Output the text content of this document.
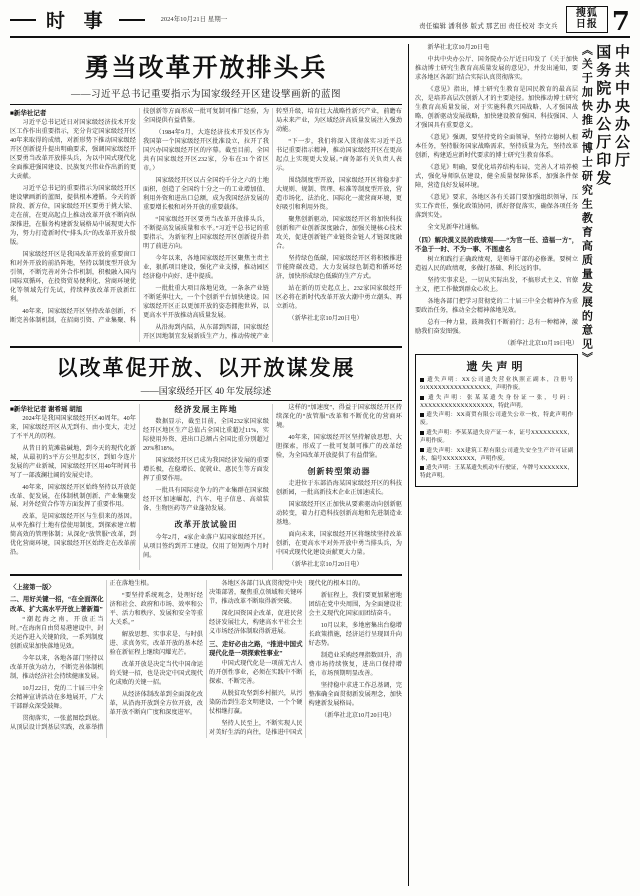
时 事	2024年10月21日 星期一
责任编辑 潘利侈 版式 那艺田 责任校对 李文兵
搜狐
日报 7
勇当改革开放排头兵
——习近平总书记重要指示为国家级经开区建设擘画新的蓝图
■新华社记者

习近平总书记近日对国家级经济技术开发区工作作出重要指示，充分肯定国家级经开区40年来取得的成绩，对新形势下推动国家级经开区创新提升提出明确要求，强调国家级经开区要勇当改革开放排头兵，为以中国式现代化全面推进强国建设、民族复兴伟业作出新的更大贡献。

习近平总书记的重要指示为国家级经开区建设擘画新的蓝图，提供根本遵循。今天的新阶段、新方位，国家级经开区要勇于挑大梁、走在前，在更高起点上推动改革开放不断向纵深推进，在服务构建新发展格局中展现更大作为，努力打造新时代“排头兵”的改革开放升级版。

国家级经开区是我国改革开放的重要窗口和对外开放的前沿阵地，坚持以制度型开放为引领，不断完善对外合作机制，积极融入国内国际双循环，在投资贸易便利化、营商环境优化等领域先行先试，持续释放改革开放新红利。

40年来，国家级经开区坚持改革创新，不断完善体制机制，在招商引资、产业集聚、科技创新等方面形成一批可复制可推广经验，为全国提供有益借鉴。

（1984年9月，大连经济技术开发区作为我国第一个国家级经开区批准设立，拉开了我国兴办国家级经开区的序幕。截至目前，全国共有国家级经开区232家，分布在31个省区市。）

国家级经开区以占全国约千分之六的土地面积，创造了全国约十分之一的工业增加值、利用外资和进出口总额，成为我国经济发展的重要增长极和对外开放的重要载体。

“国家级经开区要勇当改革开放排头兵，不断提高发展质量和水平。”习近平总书记的重要指示，为新征程上国家级经开区创新提升指明了前进方向。

今年以来，各地国家级经开区聚焦主责主业，狠抓项目建设，强化产业支撑，推动园区经济稳中向好、进中提质。

一批批重大项目落地见效，一条条产业链不断延伸壮大，一个个创新平台加快建设。国家级经开区正以更加开放的姿态拥抱世界，以更高水平开放推动高质量发展。

从沿海到内陆，从东部到西部，国家级经开区因地制宜发展新质生产力，推动传统产业转型升级，培育壮大战略性新兴产业，前瞻布局未来产业，为区域经济高质量发展注入强劲动能。

“下一步，我们将深入贯彻落实习近平总书记重要指示精神，推动国家级经开区在更高起点上实现更大发展。”商务部有关负责人表示。

围绕制度型开放，国家级经开区将稳步扩大规则、规制、管理、标准等制度型开放，营造市场化、法治化、国际化一流营商环境，更好吸引和利用外资。

聚焦创新驱动，国家级经开区将加快科技创新和产业创新深度融合，加强关键核心技术攻关，促进创新链产业链资金链人才链深度融合。

坚持绿色低碳，国家级经开区将积极推进节能降碳改造，大力发展绿色制造和循环经济，加快形成绿色低碳的生产方式。

站在新的历史起点上，232家国家级经开区必将在新时代改革开放大潮中勇立潮头、再立新功。

（新华社北京10月20日电）

以改革促开放、以开放谋发展
——国家级经开区 40 年发展综述
■新华社记者 谢希瑶 胡旭

2024年是我国国家级经开区40周年。40年来，国家级经开区从无到有、由小变大，走过了不平凡的历程。

从昔日的荒滩盐碱地，到今天的现代化新城，从最初的3平方公里起步区，到如今连片发展的产业新城，国家级经开区用40年时间书写了一部波澜壮阔的发展史诗。

40年来，国家级经开区始终坚持以开放促改革、促发展，在体制机制创新、产业集聚发展、对外经贸合作等方面发挥了重要作用。

改革，是国家级经开区与生俱来的基因。从率先推行土地有偿使用制度，到探索建立精简高效的管理体制；从深化“放管服”改革，到优化营商环境，国家级经开区始终走在改革前沿。

经济发展主阵地

数据显示，截至目前，全国232家国家级经开区地区生产总值占全国比重超过11%，实际使用外资、进出口总额占全国比重分别超过20%和18%。

国家级经开区已成为我国经济发展的重要增长极，在稳增长、促就业、惠民生等方面发挥了重要作用。

一批具有国际竞争力的产业集群在国家级经开区加速崛起，汽车、电子信息、高端装备、生物医药等产业蓬勃发展。

改革开放试验田

今年2月，4家企业落户某国家级经开区。从项目签约到开工建设，仅用了短短两个月时间。

这样的“加速度”，得益于国家级经开区持续深化的“放管服”改革和不断优化的营商环境。

40年来，国家级经开区坚持解放思想、大胆探索，形成了一批可复制可推广的改革经验，为全国改革开放提供了有益借鉴。

创新转型策动器

走进位于东部沿海某国家级经开区的科技创新园，一批高新技术企业正加速成长。

国家级经开区正加快从要素驱动向创新驱动转变，着力打造科技创新高地和先进制造业基地。

面向未来，国家级经开区将继续坚持改革创新，在更高水平对外开放中勇当排头兵，为中国式现代化建设贡献更大力量。

（新华社北京10月20日电）

〈上接第一版〉
二、用好关键一招，“在全面深化改革、扩大高水平开放上著新篇”

“潮起海之南，开放正当时。”在海南自由贸易港建设中，封关运作进入关键阶段，一系列制度创新成果加快落地见效。

今年以来，各地各部门坚持以改革开放为动力，不断完善体制机制，推动经济社会持续健康发展。

10月22日，党的二十届三中全会精神宣讲活动在多地展开，广大干部群众深受鼓舞。

贯彻落实，一张蓝图绘到底。从顶层设计到基层实践，改革举措正在落地生根。

“要坚持系统观念，处理好经济和社会、政府和市场、效率和公平、活力和秩序、发展和安全等重大关系。”

解放思想、实事求是、与时俱进、求真务实，改革开放的基本经验在新征程上继续闪耀光芒。

改革开放是决定当代中国命运的关键一招，也是决定中国式现代化成败的关键一招。

从经济体制改革到全面深化改革，从沿海开放到全方位开放，改革开放不断向广度和深度进军。

各地区各部门认真贯彻党中央决策部署，聚焦重点领域和关键环节，推动改革不断取得新突破。

深化国资国企改革，促进民营经济发展壮大，构建高水平社会主义市场经济体制取得新进展。

三、走好必由之路，“推进中国式现代化是一项探索性事业”

中国式现代化是一项前无古人的开创性事业，必须在实践中不断探索、不断完善。

从脱贫攻坚到乡村振兴，从污染防治到生态文明建设，一个个硬仗相继打赢。

坚持人民至上，不断实现人民对美好生活的向往，是推进中国式现代化的根本目的。

新征程上，我们要更加紧密地团结在党中央周围，为全面建设社会主义现代化国家而团结奋斗。

10月以来，多地密集出台稳增长政策措施，经济运行呈现回升向好态势。

制造业采购经理指数回升，消费市场持续恢复，进出口保持增长，市场预期明显改善。

坚持稳中求进工作总基调，完整准确全面贯彻新发展理念，加快构建新发展格局。

（新华社北京10月20日电）

新华社北京10月20日电

中共中央办公厅、国务院办公厅近日印发了《关于加快推动博士研究生教育高质量发展的意见》，并发出通知，要求各地区各部门结合实际认真贯彻落实。

《意见》指出，博士研究生教育是国民教育的最高层次，是培养高层次创新人才的主要途径。加快推动博士研究生教育高质量发展，对于实施科教兴国战略、人才强国战略、创新驱动发展战略，加快建设教育强国、科技强国、人才强国具有重要意义。

《意见》强调，要坚持党的全面领导，坚持立德树人根本任务，坚持服务国家战略需求，坚持质量为先，坚持改革创新，构建适应新时代要求的博士研究生教育体系。

《意见》明确，要优化培养结构布局，完善人才培养模式，强化导师队伍建设，健全质量保障体系，加强条件保障，营造良好发展环境。

《意见》要求，各地区各有关部门要加强组织领导，压实工作责任，强化政策协同，抓好督促落实，确保各项任务落到实处。

全文见新华社通稿。

（四）解决漠义民的政绩观——“为官一任、造福一方”，不急于一时、不为一事、不图虚名

树立和践行正确政绩观，是领导干部的必修课。要树立造福人民的政绩观，多做打基础、利长远的事。

坚持实事求是，一切从实际出发，不搞形式主义、官僚主义，把工作做到群众心坎上。

各地各部门把学习贯彻党的二十届三中全会精神作为重要政治任务，推动全会精神落地见效。

总有一种力量，鼓舞我们不断前行；总有一种精神，激励我们奋发图强。

（新华社北京10月19日电）
遗失声明

遗失声明：XX公司遗失营业执照正副本，注册号91XXXXXXXXXXXXXXXX，声明作废。

遗失声明：张某某遗失身份证一张，号码：XXXXXXXXXXXXXXXXXX，特此声明。

遗失声明：XX商贸有限公司遗失公章一枚，特此声明作废。

遗失声明：李某某遗失房产证一本，证号XXXXXXXXX，声明作废。

遗失声明：XX建筑工程有限公司遗失安全生产许可证副本，编号XXXXXXXX，声明作废。

遗失声明：王某某遗失机动车行驶证，车牌号XXXXXXX，特此声明。

《关于加快推动博士研究生教育高质量发展的意见》 国务院办公厅印发 中共中央办公厅
